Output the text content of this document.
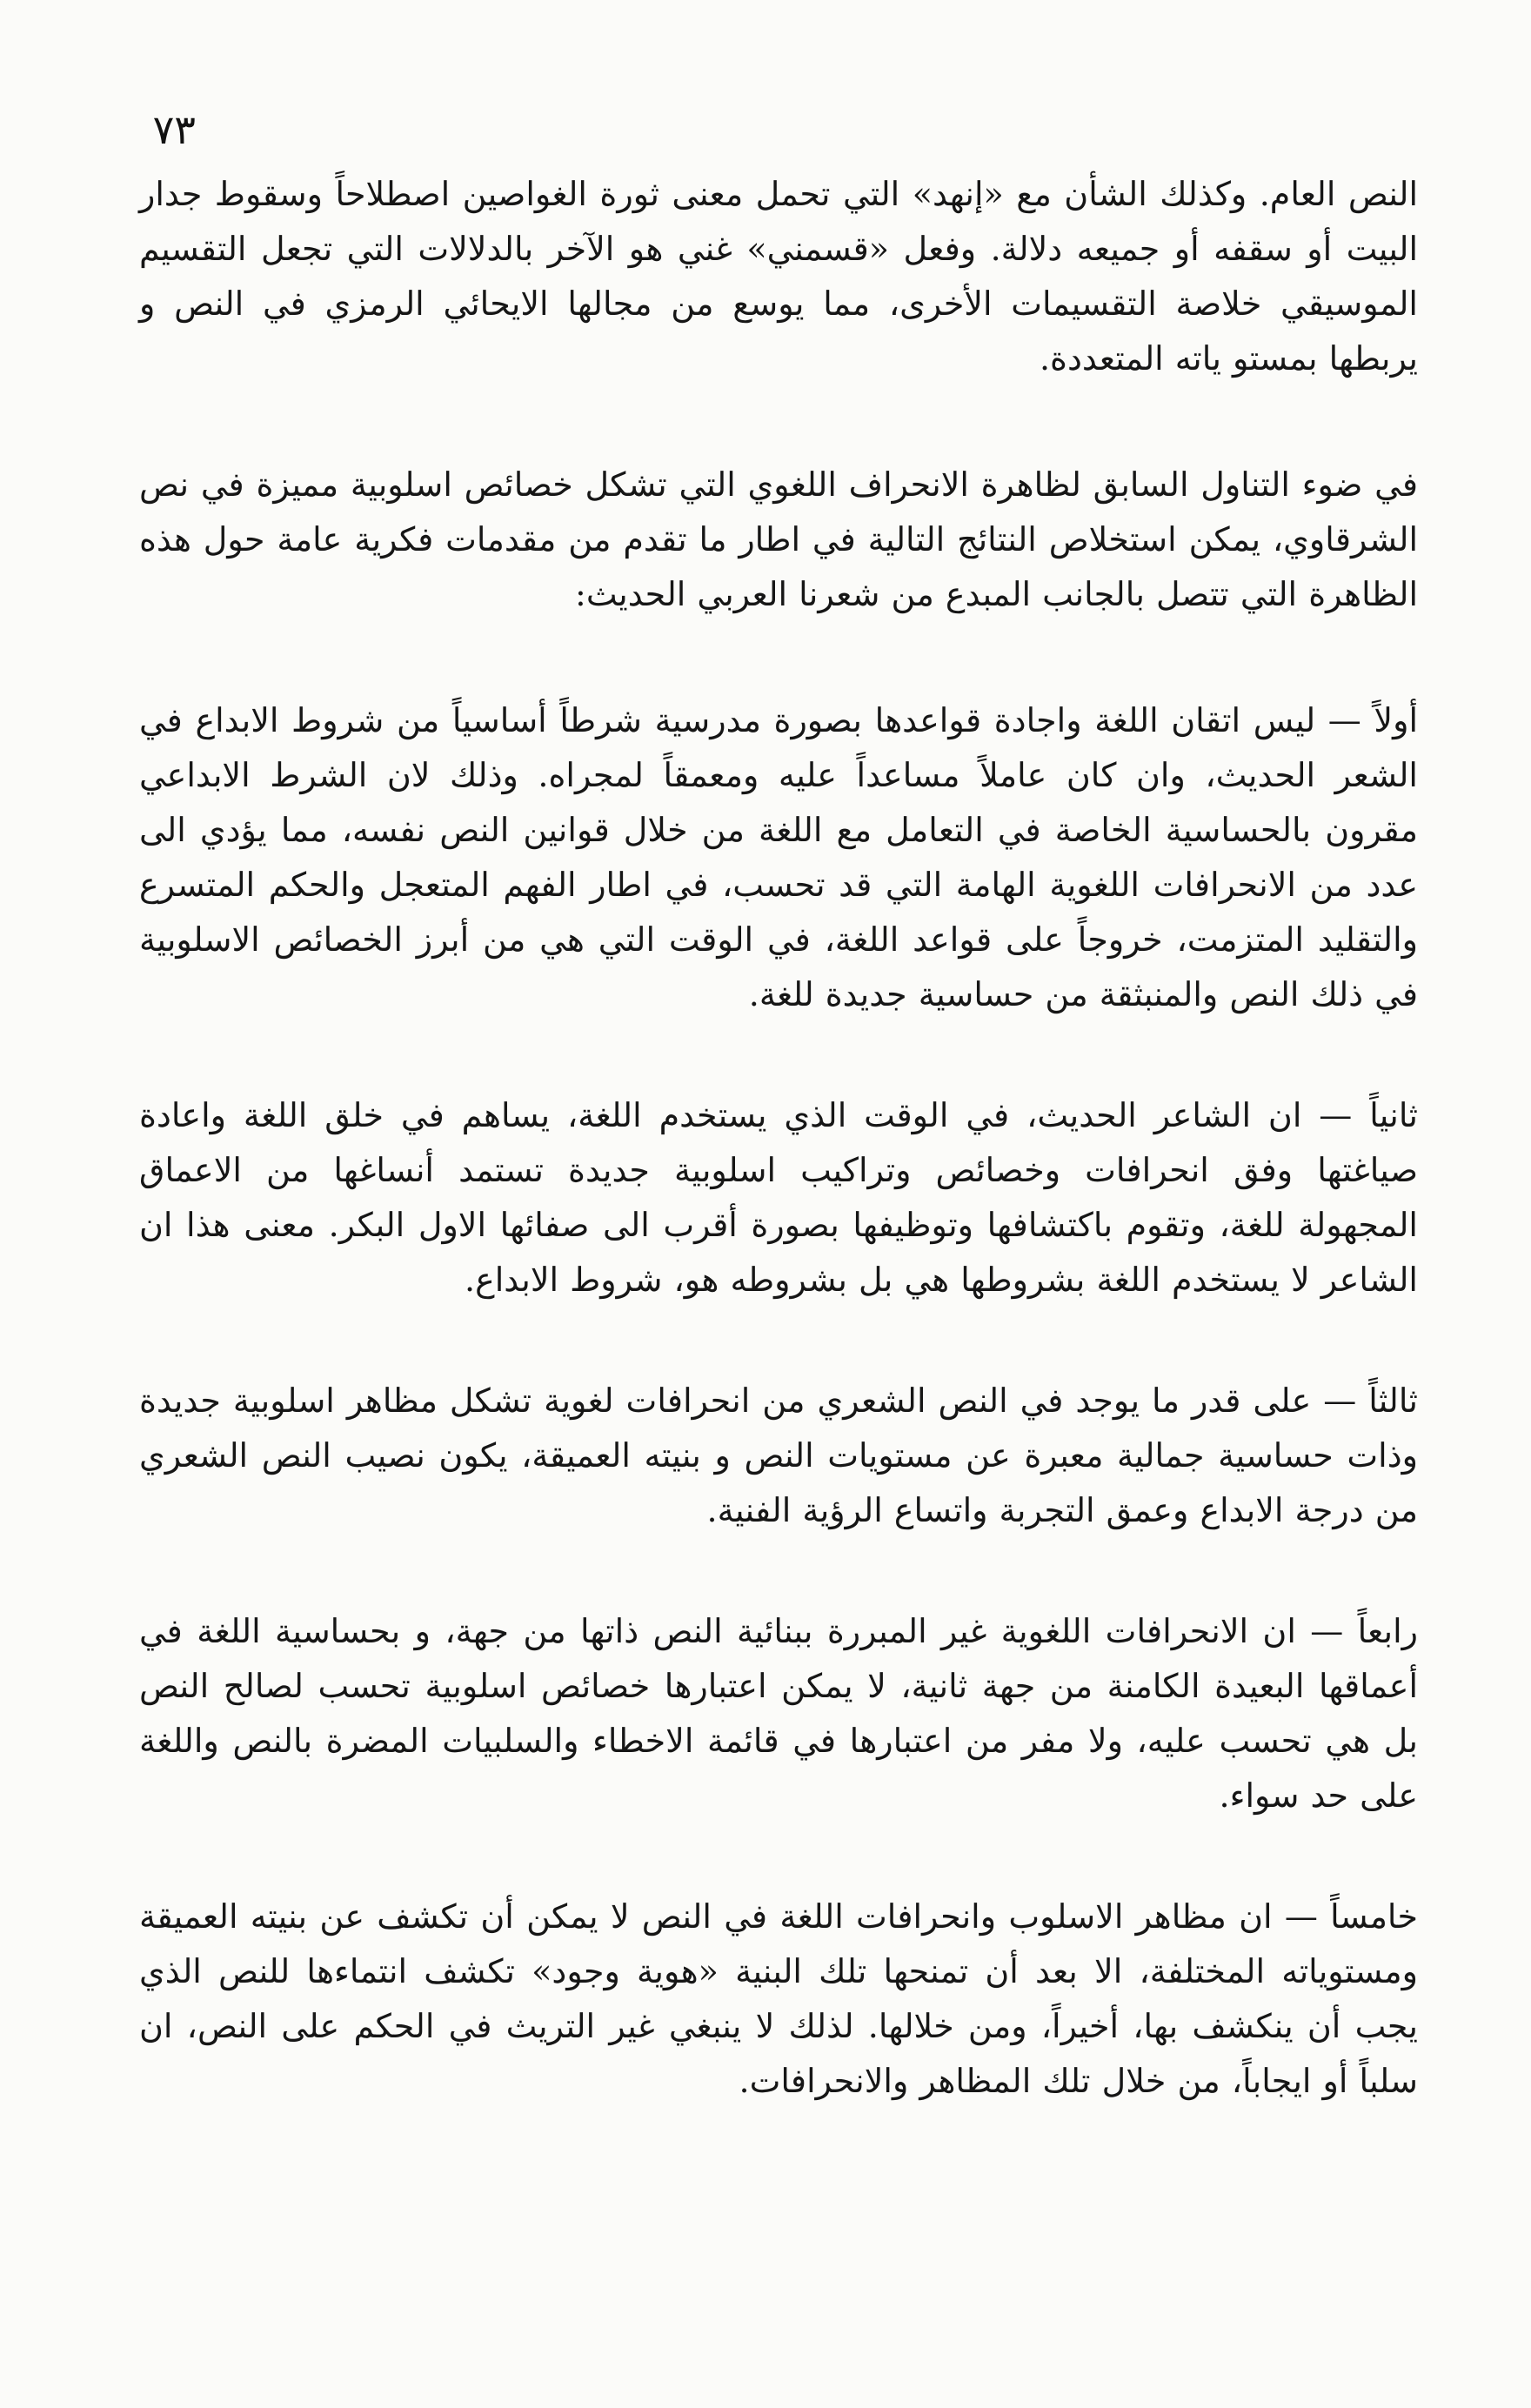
٧٣

النص العام. وكذلك الشأن مع «إنهد» التي تحمل معنى ثورة الغواصين اصطلاحاً وسقوط جدار البيت أو سقفه أو جميعه دلالة. وفعل «قسمني» غني هو الآخر بالدلالات التي تجعل التقسيم الموسيقي خلاصة التقسيمات الأخرى، مما يوسع من مجالها الايحائي الرمزي في النص و يربطها بمستو ياته المتعددة.

في ضوء التناول السابق لظاهرة الانحراف اللغوي التي تشكل خصائص اسلوبية مميزة في نص الشرقاوي، يمكن استخلاص النتائج التالية في اطار ما تقدم من مقدمات فكرية عامة حول هذه الظاهرة التي تتصل بالجانب المبدع من شعرنا العربي الحديث:

أولاً — ليس اتقان اللغة واجادة قواعدها بصورة مدرسية شرطاً أساسياً من شروط الابداع في الشعر الحديث، وان كان عاملاً مساعداً عليه ومعمقاً لمجراه. وذلك لان الشرط الابداعي مقرون بالحساسية الخاصة في التعامل مع اللغة من خلال قوانين النص نفسه، مما يؤدي الى عدد من الانحرافات اللغوية الهامة التي قد تحسب، في اطار الفهم المتعجل والحكم المتسرع والتقليد المتزمت، خروجاً على قواعد اللغة، في الوقت التي هي من أبرز الخصائص الاسلوبية في ذلك النص والمنبثقة من حساسية جديدة للغة.

ثانياً — ان الشاعر الحديث، في الوقت الذي يستخدم اللغة، يساهم في خلق اللغة واعادة صياغتها وفق انحرافات وخصائص وتراكيب اسلوبية جديدة تستمد أنساغها من الاعماق المجهولة للغة، وتقوم باكتشافها وتوظيفها بصورة أقرب الى صفائها الاول البكر. معنى هذا ان الشاعر لا يستخدم اللغة بشروطها هي بل بشروطه هو، شروط الابداع.

ثالثاً — على قدر ما يوجد في النص الشعري من انحرافات لغوية تشكل مظاهر اسلوبية جديدة وذات حساسية جمالية معبرة عن مستويات النص و بنيته العميقة، يكون نصيب النص الشعري من درجة الابداع وعمق التجربة واتساع الرؤية الفنية.

رابعاً — ان الانحرافات اللغوية غير المبررة ببنائية النص ذاتها من جهة، و بحساسية اللغة في أعماقها البعيدة الكامنة من جهة ثانية، لا يمكن اعتبارها خصائص اسلوبية تحسب لصالح النص بل هي تحسب عليه، ولا مفر من اعتبارها في قائمة الاخطاء والسلبيات المضرة بالنص واللغة على حد سواء.

خامساً — ان مظاهر الاسلوب وانحرافات اللغة في النص لا يمكن أن تكشف عن بنيته العميقة ومستوياته المختلفة، الا بعد أن تمنحها تلك البنية «هوية وجود» تكشف انتماءها للنص الذي يجب أن ينكشف بها، أخيراً، ومن خلالها. لذلك لا ينبغي غير التريث في الحكم على النص، ان سلباً أو ايجاباً، من خلال تلك المظاهر والانحرافات.
